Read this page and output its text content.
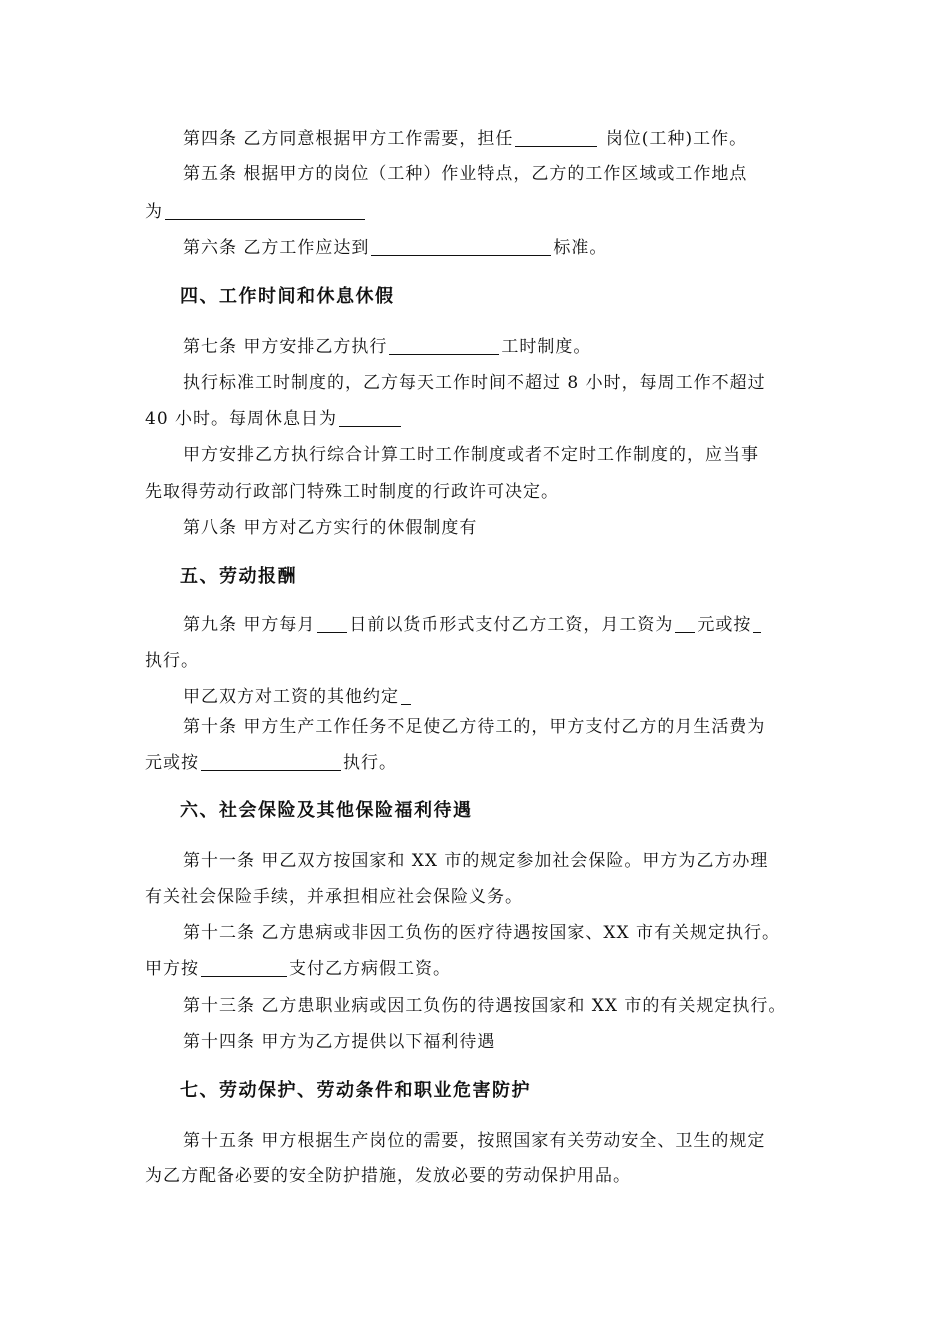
第四条 乙方同意根据甲方工作需要，担任	岗位(工种)工作。
第五条 根据甲方的岗位（工种）作业特点，乙方的工作区域或工作地点
为
第六条 乙方工作应达到	标准。
四、工作时间和休息休假
第七条 甲方安排乙方执行	工时制度。
执行标准工时制度的，乙方每天工作时间不超过 8 小时，每周工作不超过
40 小时。每周休息日为
甲方安排乙方执行综合计算工时工作制度或者不定时工作制度的，应当事
先取得劳动行政部门特殊工时制度的行政许可决定。
第八条 甲方对乙方实行的休假制度有
五、劳动报酬
第九条 甲方每月 日前以货币形式支付乙方工资，月工资为 元或按
执行。
甲乙双方对工资的其他约定
第十条 甲方生产工作任务不足使乙方待工的，甲方支付乙方的月生活费为
元或按	执行。
六、社会保险及其他保险福利待遇
第十一条 甲乙双方按国家和 XX 市的规定参加社会保险。甲方为乙方办理
有关社会保险手续，并承担相应社会保险义务。
第十二条 乙方患病或非因工负伤的医疗待遇按国家、XX 市有关规定执行。
甲方按	支付乙方病假工资。
第十三条 乙方患职业病或因工负伤的待遇按国家和 XX 市的有关规定执行。
第十四条 甲方为乙方提供以下福利待遇
七、劳动保护、劳动条件和职业危害防护
第十五条 甲方根据生产岗位的需要，按照国家有关劳动安全、卫生的规定
为乙方配备必要的安全防护措施，发放必要的劳动保护用品。
